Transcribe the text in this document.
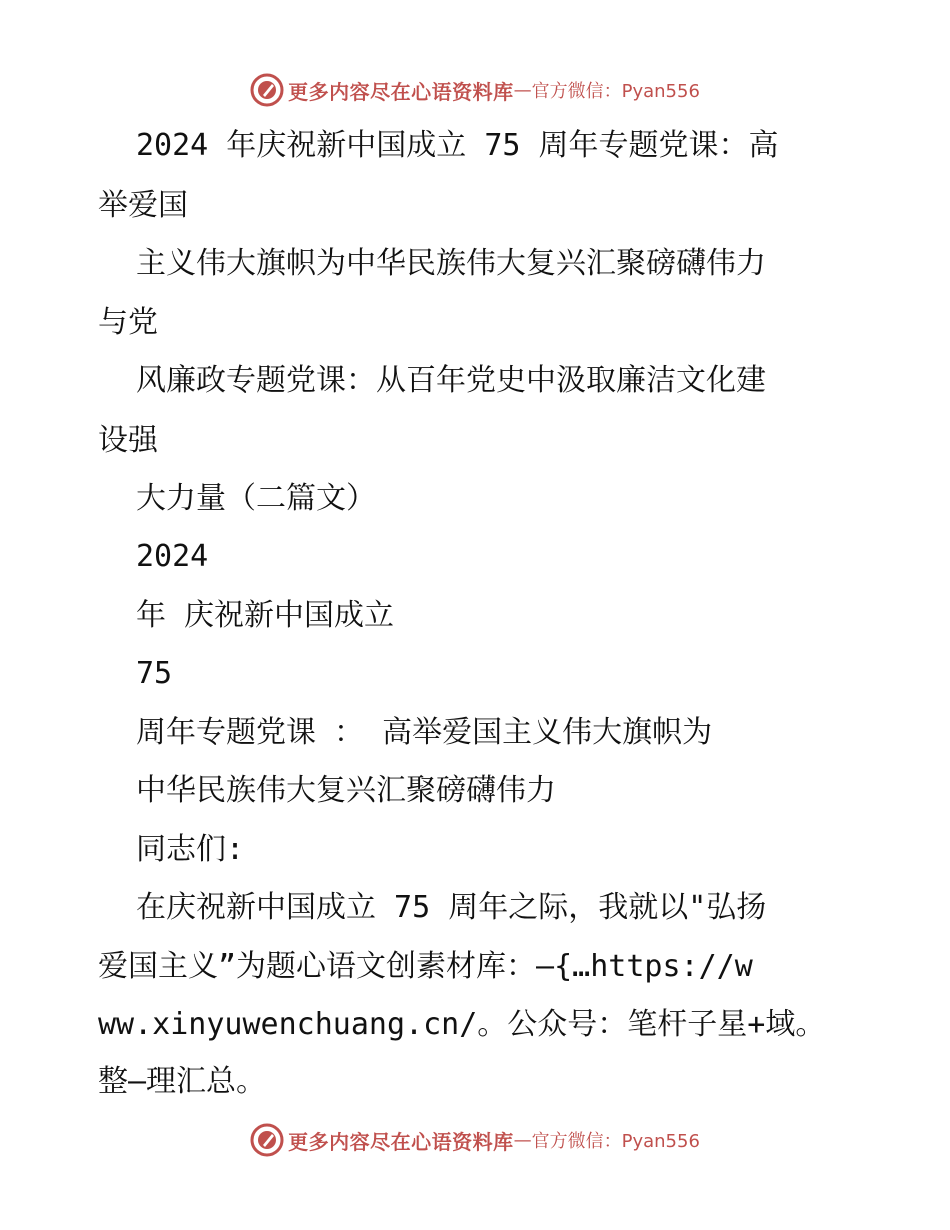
更多内容尽在心语资料库 — 官方微信：Pyan556

2024 年庆祝新中国成立 75 周年专题党课：高

举爱国

主义伟大旗帜为中华民族伟大复兴汇聚磅礴伟力

与党

风廉政专题党课：从百年党史中汲取廉洁文化建

设强

大力量（二篇文）

2024

年 庆祝新中国成立

75

周年专题党课 ： 高举爱国主义伟大旗帜为

中华民族伟大复兴汇聚磅礴伟力

同志们:

在庆祝新中国成立 75 周年之际，我就以"弘扬

爱国主义”为题心语文创素材库：—{…https://w

ww.xinyuwenchuang.cn/。公众号：笔杆子星+域。

整—理汇总。

更多内容尽在心语资料库 — 官方微信：Pyan556
